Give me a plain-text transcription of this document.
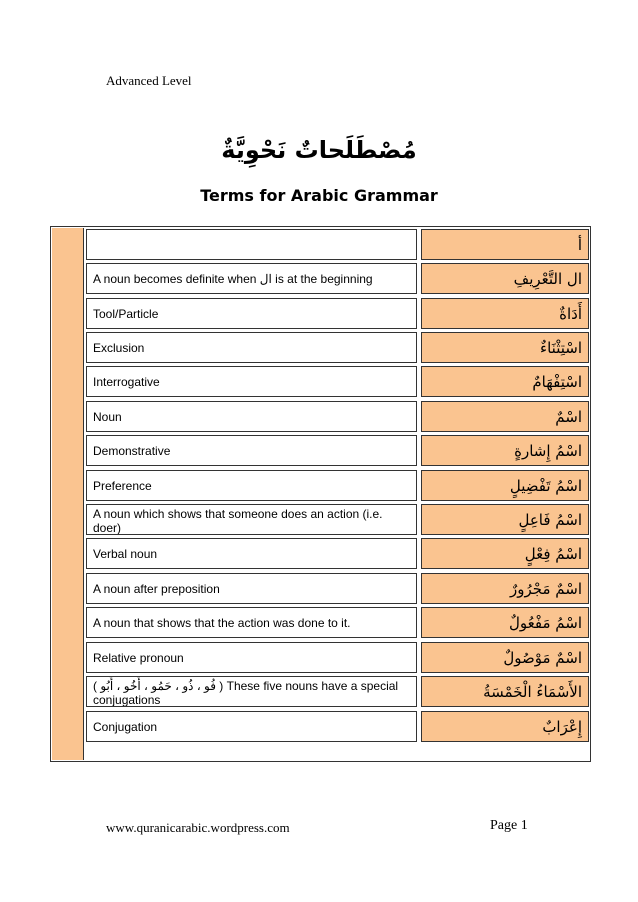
Advanced Level
مُصْطَلَحاتٌ نَحْوِيَّةٌ
Terms for Arabic Grammar
أ
A noun becomes definite when ال is at the beginning	ال التَّعْرِيفِ
Tool/Particle	أَدَاةٌ
Exclusion	اسْتِثْنَاءٌ
Interrogative	اسْتِفْهَامٌ
Noun	اسْمٌ
Demonstrative	اسْمُ إِشارةٍ
Preference	اسْمُ تَفْضِيلٍ
A noun which shows that someone does an action (i.e. doer)	اسْمُ فَاعِلٍ
Verbal noun	اسْمُ فِعْلٍ
A noun after preposition	اسْمٌ مَجْرُورٌ
A noun that shows that the action was done to it.	اسْمُ مَفْعُولٌ
Relative pronoun	اسْمٌ مَوْصُولٌ
( فُو ، ذُو ، حَمُو ، أَخُو ، أَبُو ) These five nouns have a special conjugations	الأَسْمَاءُ الْخَمْسَةُ
Conjugation	إِعْرَابٌ
www.quranicarabic.wordpress.com	Page 1
